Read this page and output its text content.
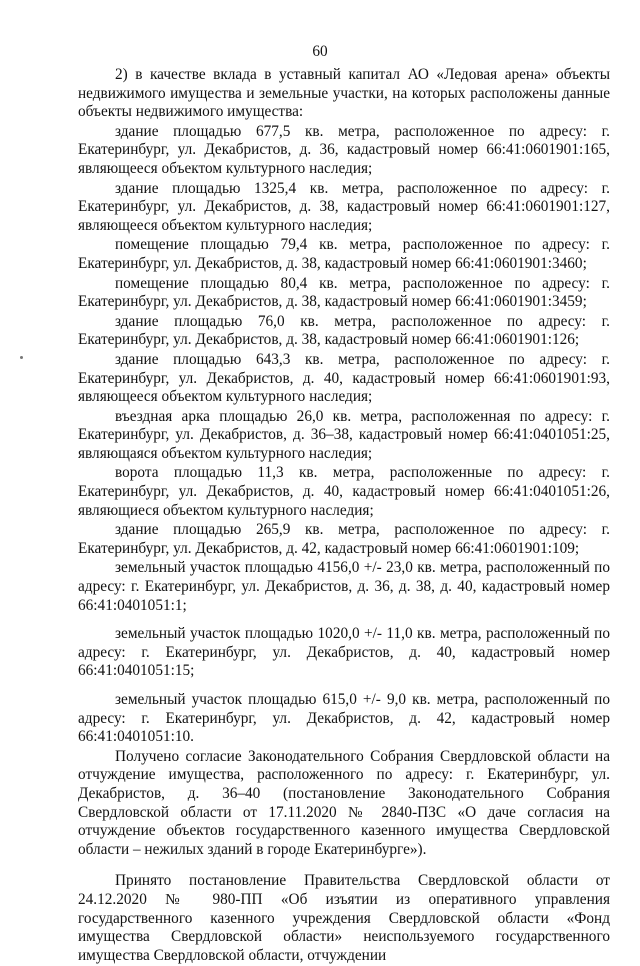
60

2) в качестве вклада в уставный капитал АО «Ледовая арена» объекты недвижимого имущества и земельные участки, на которых расположены данные объекты недвижимого имущества:

здание площадью 677,5 кв. метра, расположенное по адресу: г. Екатеринбург, ул. Декабристов, д. 36, кадастровый номер 66:41:0601901:165, являющееся объектом культурного наследия;

здание площадью 1325,4 кв. метра, расположенное по адресу: г. Екатеринбург, ул. Декабристов, д. 38, кадастровый номер 66:41:0601901:127, являющееся объектом культурного наследия;

помещение площадью 79,4 кв. метра, расположенное по адресу: г. Екатеринбург, ул. Декабристов, д. 38, кадастровый номер 66:41:0601901:3460;

помещение площадью 80,4 кв. метра, расположенное по адресу: г. Екатеринбург, ул. Декабристов, д. 38, кадастровый номер 66:41:0601901:3459;

здание площадью 76,0 кв. метра, расположенное по адресу: г. Екатеринбург, ул. Декабристов, д. 38, кадастровый номер 66:41:0601901:126;

здание площадью 643,3 кв. метра, расположенное по адресу: г. Екатеринбург, ул. Декабристов, д. 40, кадастровый номер 66:41:0601901:93, являющееся объектом культурного наследия;

въездная арка площадью 26,0 кв. метра, расположенная по адресу: г. Екатеринбург, ул. Декабристов, д. 36–38, кадастровый номер 66:41:0401051:25, являющаяся объектом культурного наследия;

ворота площадью 11,3 кв. метра, расположенные по адресу: г. Екатеринбург, ул. Декабристов, д. 40, кадастровый номер 66:41:0401051:26, являющиеся объектом культурного наследия;

здание площадью 265,9 кв. метра, расположенное по адресу: г. Екатеринбург, ул. Декабристов, д. 42, кадастровый номер 66:41:0601901:109;

земельный участок площадью 4156,0 +/- 23,0 кв. метра, расположенный по адресу: г. Екатеринбург, ул. Декабристов, д. 36, д. 38, д. 40, кадастровый номер 66:41:0401051:1;

земельный участок площадью 1020,0 +/- 11,0 кв. метра, расположенный по адресу: г. Екатеринбург, ул. Декабристов, д. 40, кадастровый номер 66:41:0401051:15;

земельный участок площадью 615,0 +/- 9,0 кв. метра, расположенный по адресу: г. Екатеринбург, ул. Декабристов, д. 42, кадастровый номер 66:41:0401051:10.

Получено согласие Законодательного Собрания Свердловской области на отчуждение имущества, расположенного по адресу: г. Екатеринбург, ул. Декабристов, д. 36–40 (постановление Законодательного Собрания Свердловской области от 17.11.2020 № 2840-ПЗС «О даче согласия на отчуждение объектов государственного казенного имущества Свердловской области – нежилых зданий в городе Екатеринбурге»).

Принято постановление Правительства Свердловской области от 24.12.2020 № 980-ПП «Об изъятии из оперативного управления государственного казенного учреждения Свердловской области «Фонд имущества Свердловской области» неиспользуемого государственного имущества Свердловской области, отчуждении
